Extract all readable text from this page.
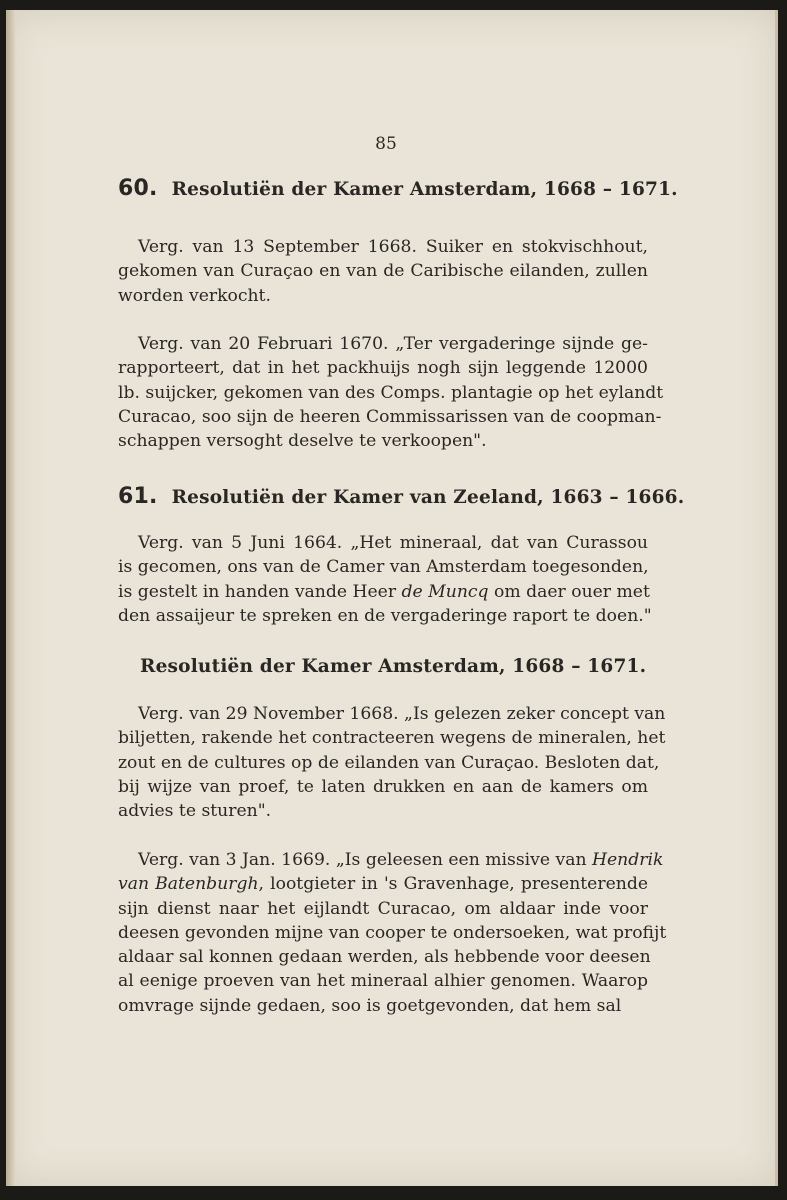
85
60. Resolutiën der Kamer Amsterdam, 1668 – 1671.
Verg. van 13 September 1668. Suiker en stokvischhout,
gekomen van Curaçao en van de Caribische eilanden, zullen
worden verkocht.
Verg. van 20 Februari 1670. „Ter vergaderinge sijnde ge-
rapporteert, dat in het packhuijs nogh sijn leggende 12000
lb. suijcker, gekomen van des Comps. plantagie op het eylandt
Curacao, soo sijn de heeren Commissarissen van de coopman-
schappen versoght deselve te verkoopen".
61. Resolutiën der Kamer van Zeeland, 1663 – 1666.
Verg. van 5 Juni 1664. „Het mineraal, dat van Curassou
is gecomen, ons van de Camer van Amsterdam toegesonden,
is gestelt in handen vande Heer de Muncq om daer ouer met
den assaijeur te spreken en de vergaderinge raport te doen."
Resolutiën der Kamer Amsterdam, 1668 – 1671.
Verg. van 29 November 1668. „Is gelezen zeker concept van
biljetten, rakende het contracteeren wegens de mineralen, het
zout en de cultures op de eilanden van Curaçao. Besloten dat,
bij wijze van proef, te laten drukken en aan de kamers om
advies te sturen".
Verg. van 3 Jan. 1669. „Is geleesen een missive van Hendrik
van Batenburgh, lootgieter in 's Gravenhage, presenterende
sijn dienst naar het eijlandt Curacao, om aldaar inde voor
deesen gevonden mijne van cooper te ondersoeken, wat profijt
aldaar sal konnen gedaan werden, als hebbende voor deesen
al eenige proeven van het mineraal alhier genomen. Waarop
omvrage sijnde gedaen, soo is goetgevonden, dat hem sal
